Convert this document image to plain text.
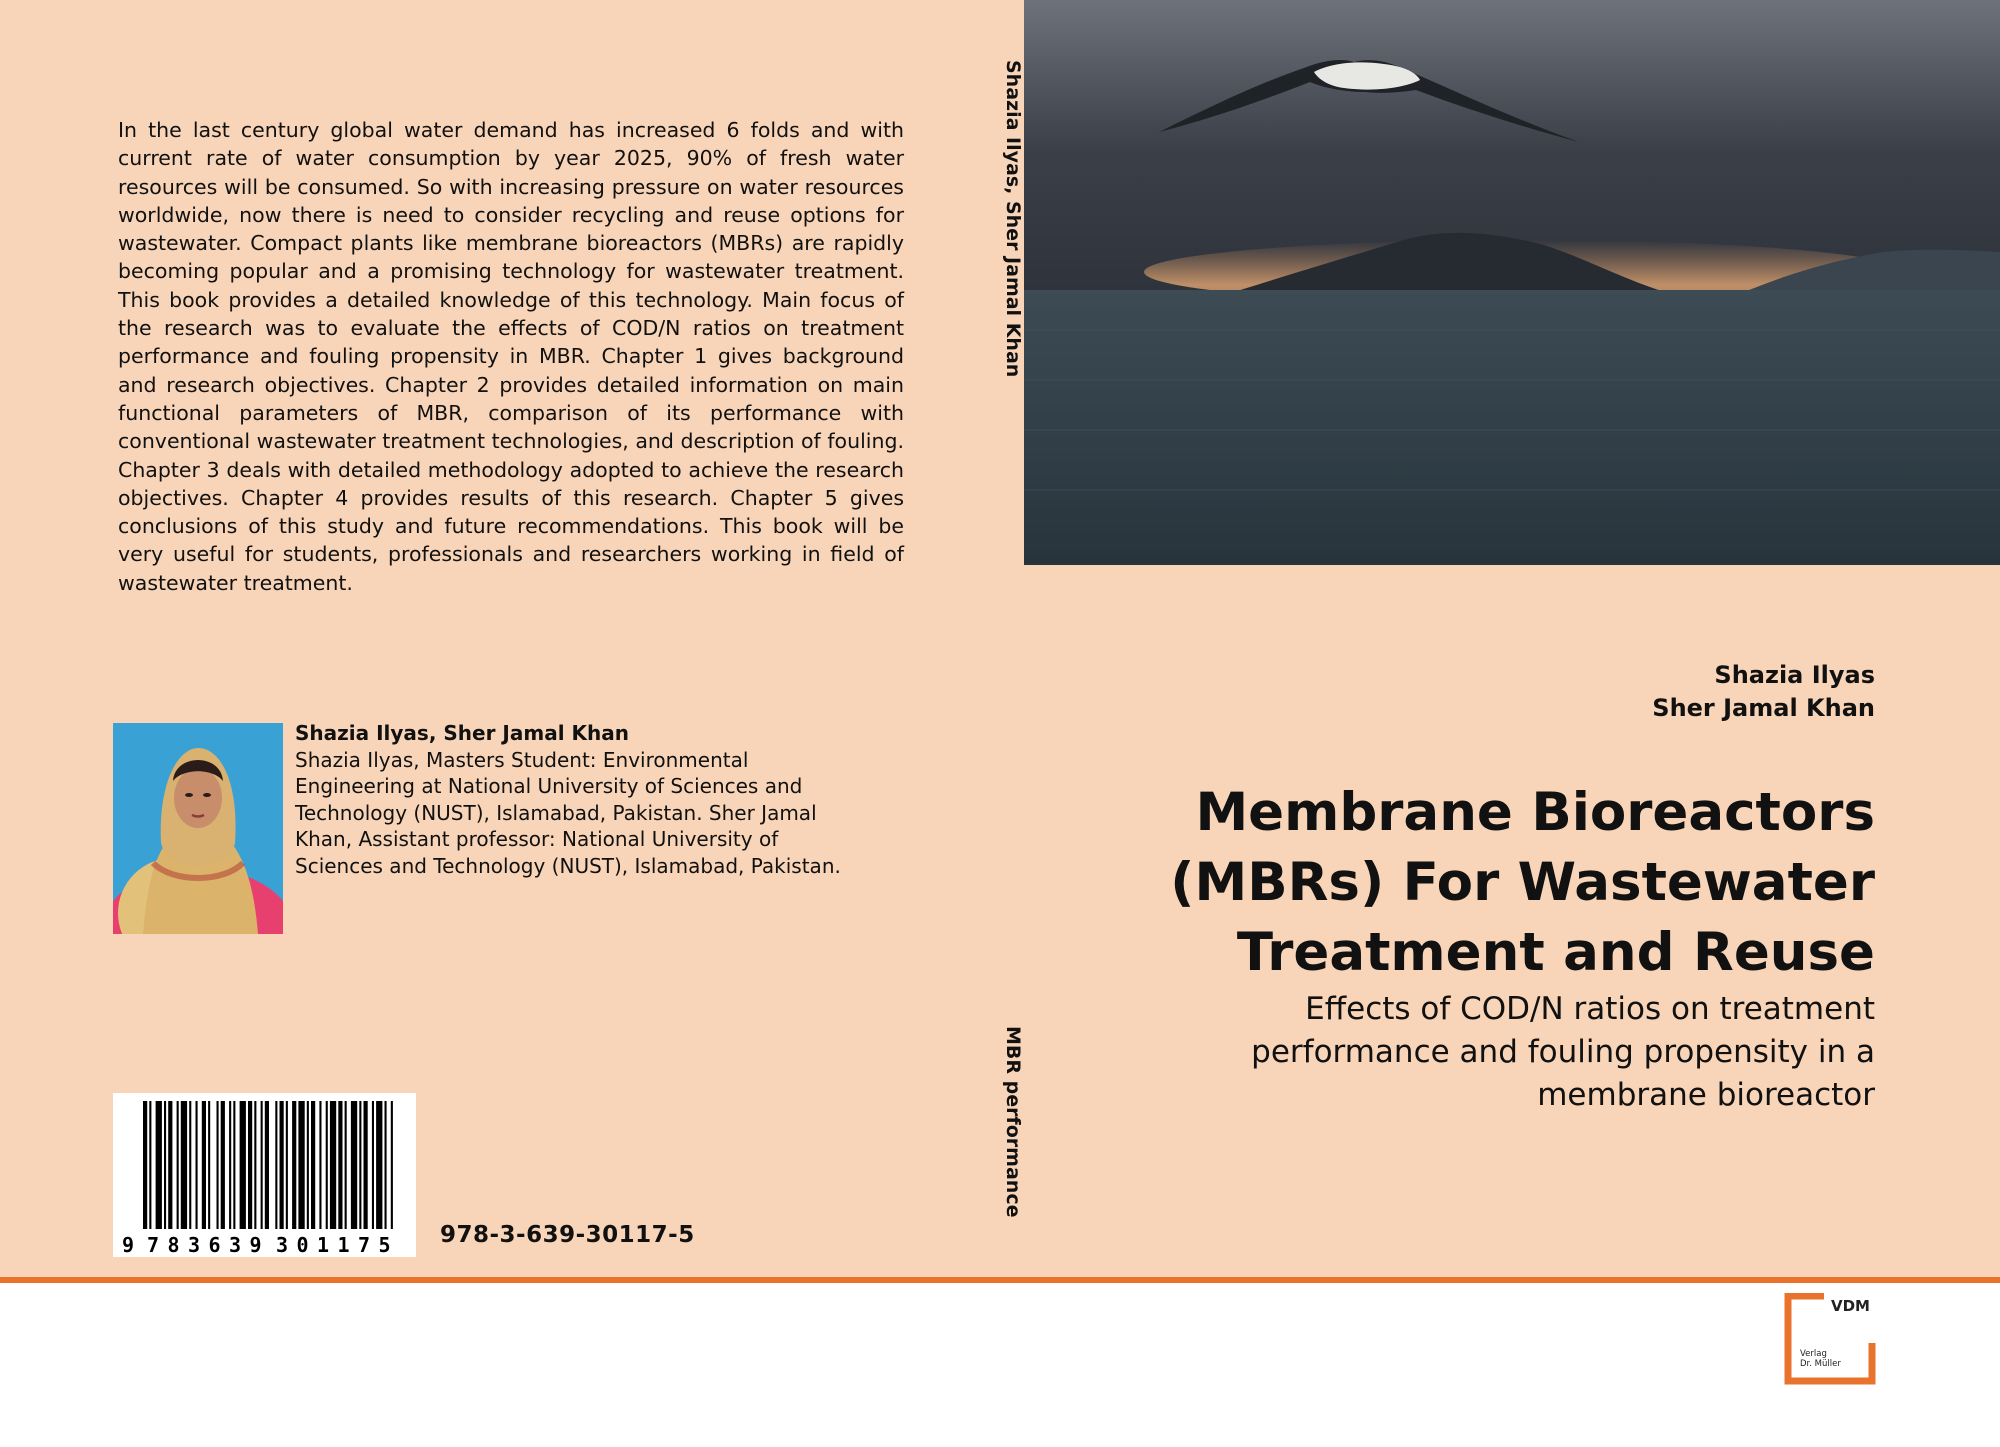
In the last century global water demand has increased 6 folds and with current rate of water consumption by year 2025, 90% of fresh water resources will be consumed. So with increasing pressure on water resources worldwide, now there is need to consider recycling and reuse options for wastewater. Compact plants like membrane bioreactors (MBRs) are rapidly becoming popular and a promising technology for wastewater treatment. This book provides a detailed knowledge of this technology. Main focus of the research was to evaluate the effects of COD/N ratios on treatment performance and fouling propensity in MBR. Chapter 1 gives background and research objectives. Chapter 2 provides detailed information on main functional parameters of MBR, comparison of its performance with conventional wastewater treatment technologies, and description of fouling. Chapter 3 deals with detailed methodology adopted to achieve the research objectives. Chapter 4 provides results of this research. Chapter 5 gives conclusions of this study and future recommendations. This book will be very useful for students, professionals and researchers working in field of wastewater treatment.

Shazia Ilyas, Sher Jamal Khan
Shazia Ilyas, Masters Student: Environmental Engineering at National University of Sciences and Technology (NUST), Islamabad, Pakistan. Sher Jamal Khan, Assistant professor: National University of Sciences and Technology (NUST), Islamabad, Pakistan.
9 7 8 3 6 3 9 3 0 1 1 7 5 978-3-639-30117-5
Shazia Ilyas, Sher Jamal Khan
MBR performance
Shazia Ilyas
Sher Jamal Khan
Membrane Bioreactors (MBRs) For Wastewater Treatment and Reuse

Effects of COD/N ratios on treatment performance and fouling propensity in a membrane bioreactor

VDM
Verlag
Dr. Müller
